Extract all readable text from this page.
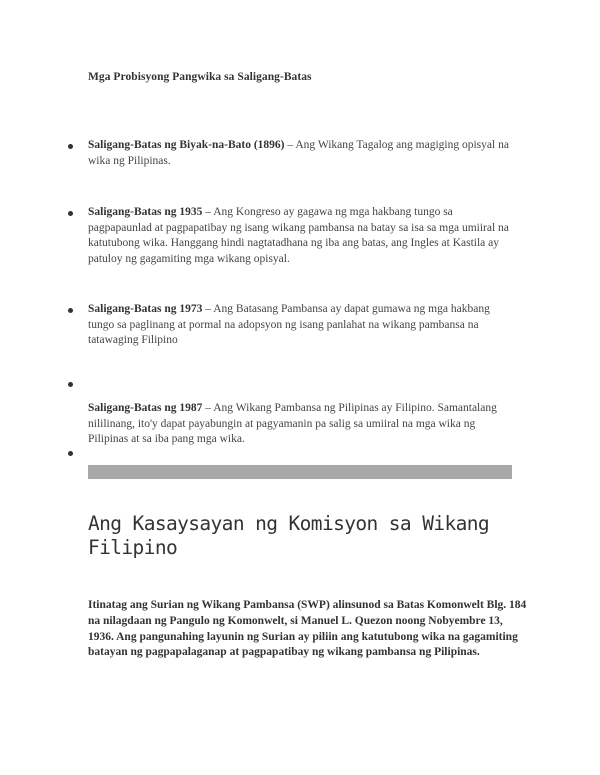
Mga Probisyong Pangwika sa Saligang-Batas
Saligang-Batas ng Biyak-na-Bato (1896) – Ang Wikang Tagalog ang magiging opisyal na wika ng Pilipinas.
Saligang-Batas ng 1935 – Ang Kongreso ay gagawa ng mga hakbang tungo sa pagpapaunlad at pagpapatibay ng isang wikang pambansa na batay sa isa sa mga umiiral na katutubong wika. Hanggang hindi nagtatadhana ng iba ang batas, ang Ingles at Kastila ay patuloy ng gagamiting mga wikang opisyal.
Saligang-Batas ng 1973 – Ang Batasang Pambansa ay dapat gumawa ng mga hakbang tungo sa paglinang at pormal na adopsyon ng isang panlahat na wikang pambansa na tatawaging Filipino
Saligang-Batas ng 1987 – Ang Wikang Pambansa ng Pilipinas ay Filipino. Samantalang nililinang, ito'y dapat payabungin at pagyamanin pa salig sa umiiral na mga wika ng Pilipinas at sa iba pang mga wika.
Ang Kasaysayan ng Komisyon sa Wikang Filipino

Itinatag ang Surian ng Wikang Pambansa (SWP) alinsunod sa Batas Komonwelt Blg. 184 na nilagdaan ng Pangulo ng Komonwelt, si Manuel L. Quezon noong Nobyembre 13, 1936. Ang pangunahing layunin ng Surian ay piliin ang katutubong wika na gagamiting batayan ng pagpapalaganap at pagpapatibay ng wikang pambansa ng Pilipinas.
